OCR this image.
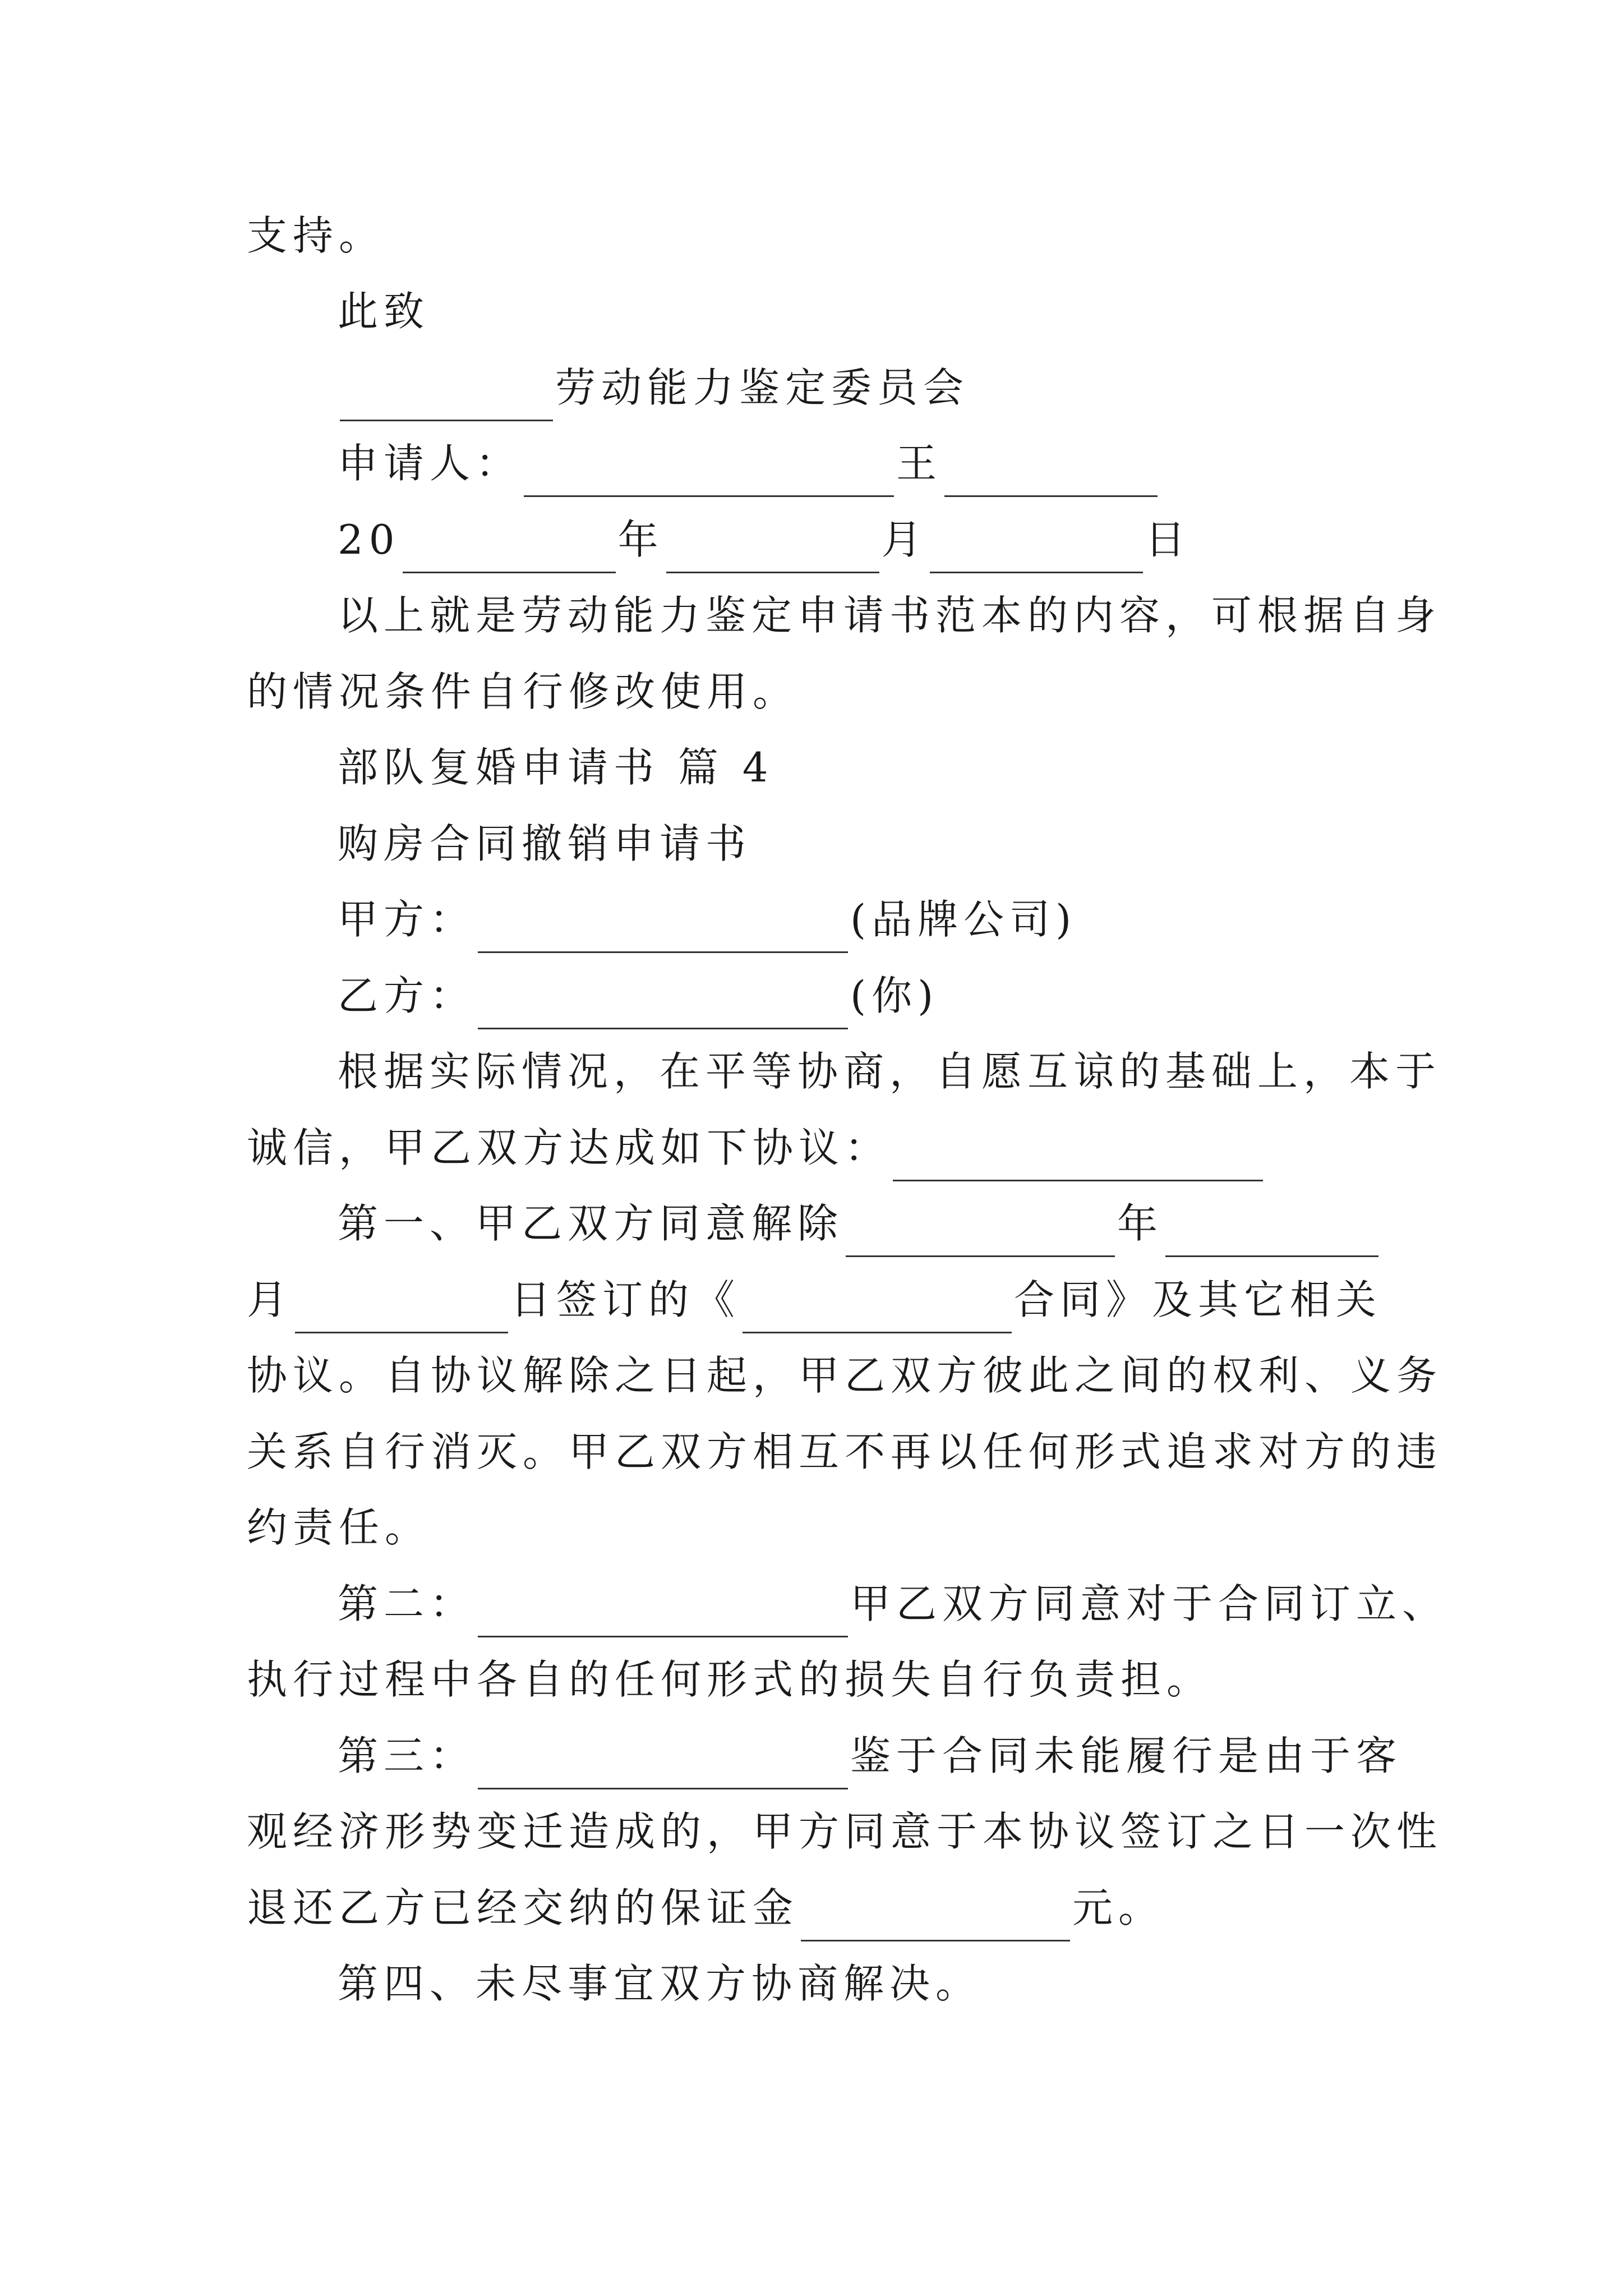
支持。
此致
劳动能力鉴定委员会
申请人：	王
20	年	月	日
以上就是劳动能力鉴定申请书范本的内容，可根据自身
的情况条件自行修改使用。
部队复婚申请书 篇 4
购房合同撤销申请书
甲方：	(品牌公司)
乙方：	(你)
根据实际情况，在平等协商，自愿互谅的基础上，本于
诚信，甲乙双方达成如下协议：
第一、甲乙双方同意解除	年
月	日签订的《	合同》及其它相关
协议。自协议解除之日起，甲乙双方彼此之间的权利、义务
关系自行消灭。甲乙双方相互不再以任何形式追求对方的违
约责任。
第二：	甲乙双方同意对于合同订立、
执行过程中各自的任何形式的损失自行负责担。
第三：	鉴于合同未能履行是由于客
观经济形势变迁造成的，甲方同意于本协议签订之日一次性
退还乙方已经交纳的保证金	元。
第四、未尽事宜双方协商解决。
